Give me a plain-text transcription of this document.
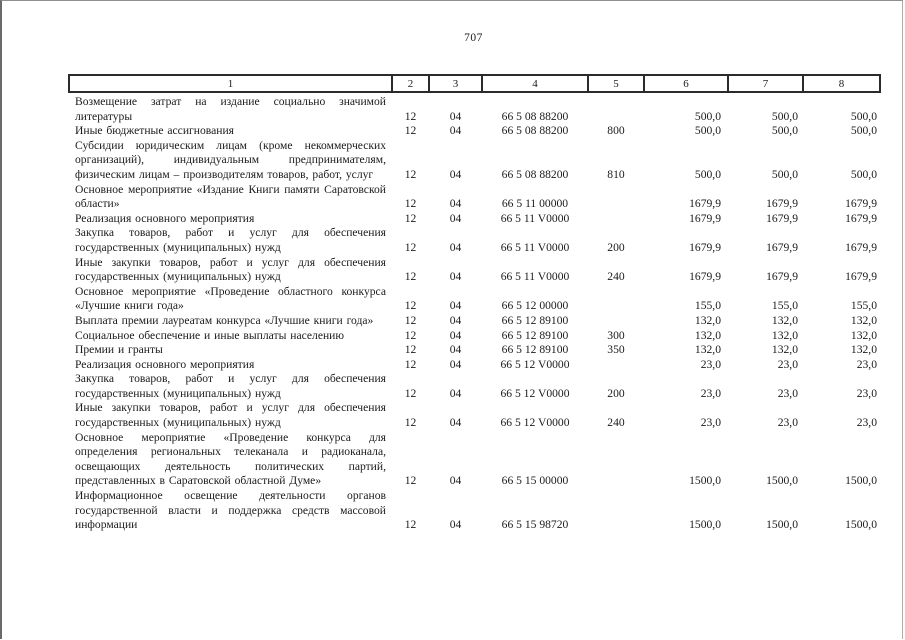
707
1	2	3	4	5	6	7	8
Возмещение затрат на издание социально значимой литературы	12	04	66 5 08 88200		500,0	500,0	500,0
Иные бюджетные ассигнования	12	04	66 5 08 88200	800	500,0	500,0	500,0
Субсидии юридическим лицам (кроме некоммерческих организаций), индивидуальным предпринимателям, физическим лицам – производителям товаров, работ, услуг	12	04	66 5 08 88200	810	500,0	500,0	500,0
Основное мероприятие «Издание Книги памяти Саратовской области»	12	04	66 5 11 00000		1679,9	1679,9	1679,9
Реализация основного мероприятия	12	04	66 5 11 V0000		1679,9	1679,9	1679,9
Закупка товаров, работ и услуг для обеспечения государственных (муниципальных) нужд	12	04	66 5 11 V0000	200	1679,9	1679,9	1679,9
Иные закупки товаров, работ и услуг для обеспечения государственных (муниципальных) нужд	12	04	66 5 11 V0000	240	1679,9	1679,9	1679,9
Основное мероприятие «Проведение областного конкурса «Лучшие книги года»	12	04	66 5 12 00000		155,0	155,0	155,0
Выплата премии лауреатам конкурса «Лучшие книги года»	12	04	66 5 12 89100		132,0	132,0	132,0
Социальное обеспечение и иные выплаты населению	12	04	66 5 12 89100	300	132,0	132,0	132,0
Премии и гранты	12	04	66 5 12 89100	350	132,0	132,0	132,0
Реализация основного мероприятия	12	04	66 5 12 V0000		23,0	23,0	23,0
Закупка товаров, работ и услуг для обеспечения государственных (муниципальных) нужд	12	04	66 5 12 V0000	200	23,0	23,0	23,0
Иные закупки товаров, работ и услуг для обеспечения государственных (муниципальных) нужд	12	04	66 5 12 V0000	240	23,0	23,0	23,0
Основное мероприятие «Проведение конкурса для определения региональных телеканала и радиоканала, освещающих деятельность политических партий, представленных в Саратовской областной Думе»	12	04	66 5 15 00000		1500,0	1500,0	1500,0
Информационное освещение деятельности органов государственной власти и поддержка средств массовой информации	12	04	66 5 15 98720		1500,0	1500,0	1500,0
